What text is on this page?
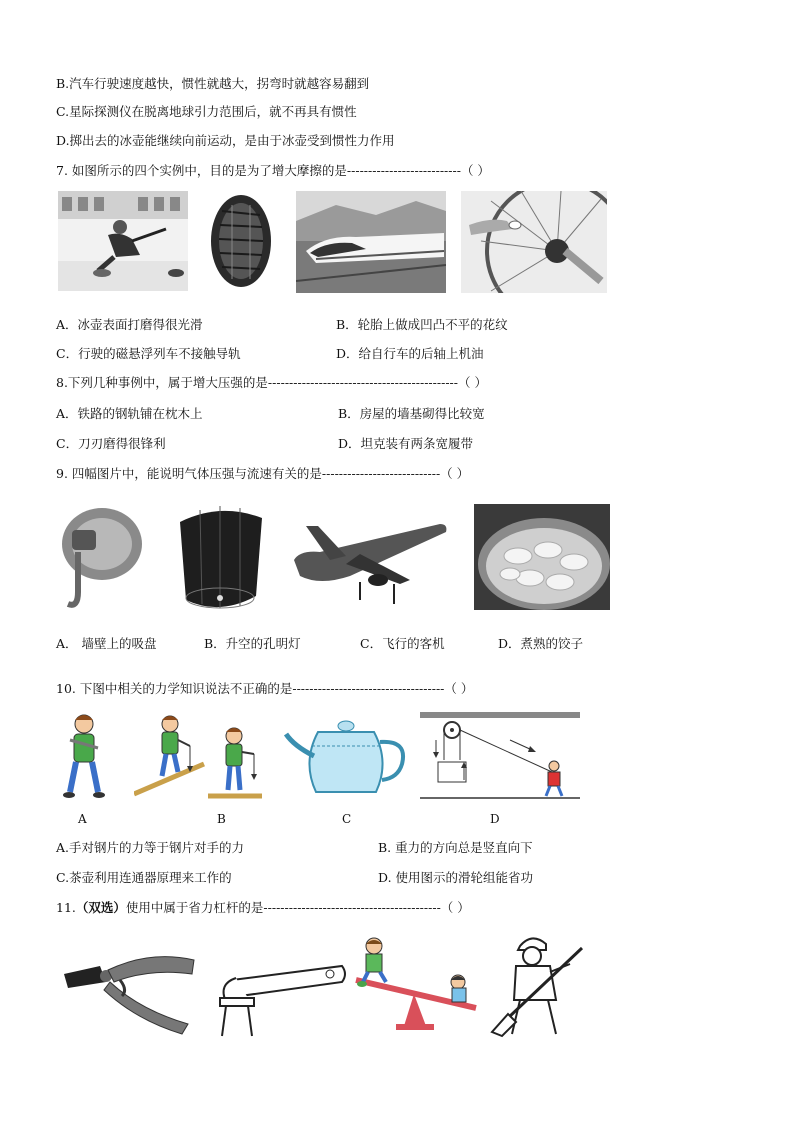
B.汽车行驶速度越快，惯性就越大，拐弯时就越容易翻到
C.星际探测仪在脱离地球引力范围后，就不再具有惯性
D.掷出去的冰壶能继续向前运动，是由于冰壶受到惯性力作用
7. 如图所示的四个实例中，目的是为了增大摩擦的是---------------------------（ ）
A．冰壶表面打磨得很光滑	B．轮胎上做成凹凸不平的花纹
C．行驶的磁悬浮列车不接触导轨	D．给自行车的后轴上机油
8.下列几种事例中，属于增大压强的是---------------------------------------------（ ）
A．铁路的钢轨铺在枕木上	B．房屋的墙基砌得比较宽
C．刀刃磨得很锋利	D．坦克装有两条宽履带
9. 四幅图片中，能说明气体压强与流速有关的是----------------------------（ ）
A． 墙壁上的吸盘	B．升空的孔明灯	C．飞行的客机	D．煮熟的饺子
10. 下图中相关的力学知识说法不正确的是------------------------------------（ ）
A	B	C	D
A.手对钢片的力等于钢片对手的力	B. 重力的方向总是竖直向下
C.茶壶利用连通器原理来工作的	D. 使用图示的滑轮组能省功
11.（双选）使用中属于省力杠杆的是------------------------------------------（ ）
